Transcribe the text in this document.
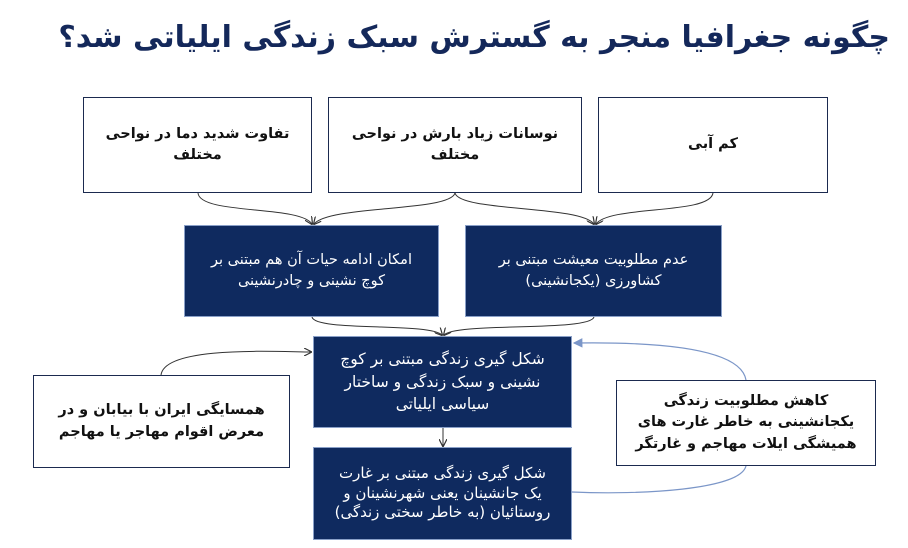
چگونه جغرافیا منجر به گسترش سبک زندگی ایلیاتی شد؟
کم آبی
نوسانات زیاد بارش در نواحی مختلف
تفاوت شدید دما در نواحی مختلف
عدم مطلوبیت معیشت مبتنی بر کشاورزی (یکجانشینی)
امکان ادامه حیات آن هم مبتنی بر کوچ نشینی و چادرنشینی
شکل گیری زندگی مبتنی بر کوچ نشینی و سبک زندگی و ساختار سیاسی ایلیاتی
شکل گیری زندگی مبتنی بر غارت یک جانشینان یعنی شهرنشینان و روستائیان (به خاطر سختی زندگی)
همسایگی ایران با بیابان و در معرض اقوام مهاجر یا مهاجم
کاهش مطلوبیت زندگی یکجانشینی به خاطر غارت های همیشگی ایلات مهاجم و غارتگر
